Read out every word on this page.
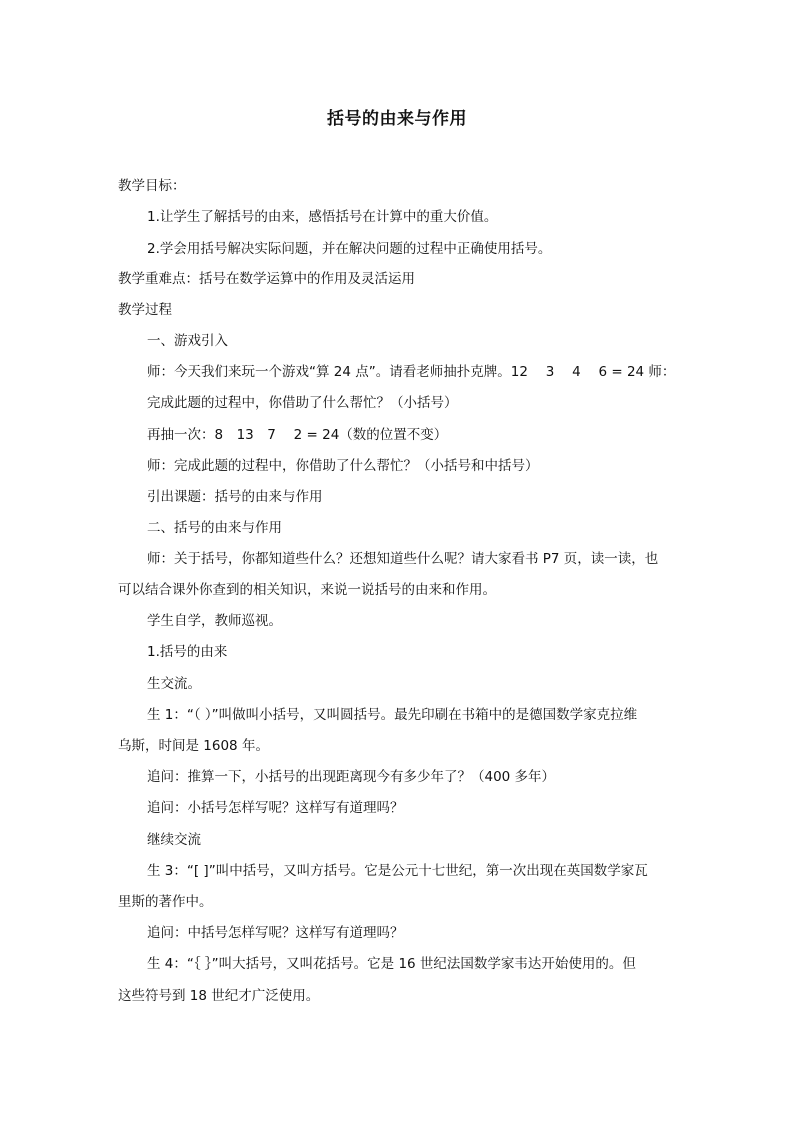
括号的由来与作用
教学目标：
1.让学生了解括号的由来，感悟括号在计算中的重大价值。
2.学会用括号解决实际问题，并在解决问题的过程中正确使用括号。
教学重难点：括号在数学运算中的作用及灵活运用
教学过程
一、游戏引入
师：今天我们来玩一个游戏“算 24 点”。请看老师抽扑克牌。12　 3　 4　 6 = 24 师：
完成此题的过程中，你借助了什么帮忙？（小括号）
再抽一次：8　13　7　 2 = 24（数的位置不变）
师：完成此题的过程中，你借助了什么帮忙？（小括号和中括号）
引出课题：括号的由来与作用
二、括号的由来与作用
师：关于括号，你都知道些什么？还想知道些什么呢？请大家看书 P7 页，读一读，也
可以结合课外你查到的相关知识，来说一说括号的由来和作用。
学生自学，教师巡视。
1.括号的由来
生交流。
生 1：“（ ）”叫做叫小括号，又叫圆括号。最先印刷在书箱中的是德国数学家克拉维
乌斯，时间是 1608 年。
追问：推算一下，小括号的出现距离现今有多少年了？（400 多年）
追问：小括号怎样写呢？这样写有道理吗？
继续交流
生 3：“[ ]”叫中括号，又叫方括号。它是公元十七世纪，第一次出现在英国数学家瓦
里斯的著作中。
追问：中括号怎样写呢？这样写有道理吗？
生 4：“｛ ｝”叫大括号，又叫花括号。它是 16 世纪法国数学家韦达开始使用的。但
这些符号到 18 世纪才广泛使用。
